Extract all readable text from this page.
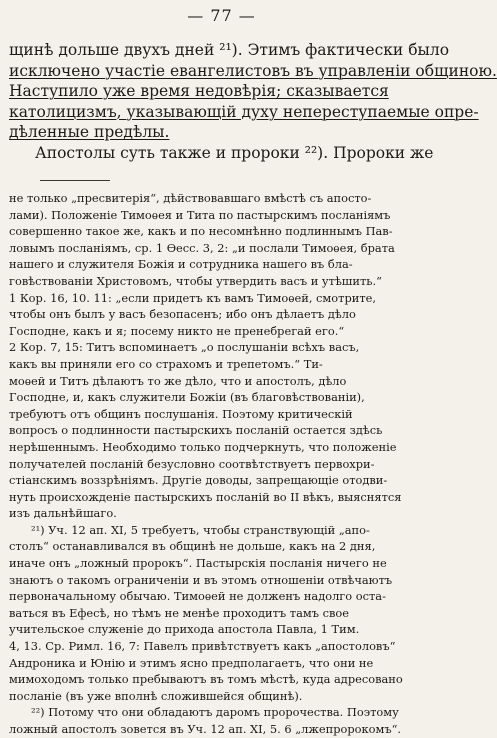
— 77 —
щинѣ дольше двухъ дней ²¹). Этимъ фактически было
исключено участiе евангелистовъ въ управленiи общиною.
Наступило уже время недовѣрiя; сказывается
католицизмъ, указывающiй духу непереступаемые опре-
дѣленные предѣлы.
Апостолы суть также и пророки ²²). Пророки же
не только „пресвитерія“, дѣйствовавшаго вмѣстѣ съ апосто-
лами). Положенiе Тимоѳея и Тита по пастырскимъ посланiямъ
совершенно такое же, какъ и по несомнѣнно подлиннымъ Пав-
ловымъ посланiямъ, ср. 1 Ѳесс. 3, 2: „и послали Тимоѳея, брата
нашего и служителя Божiя и сотрудника нашего въ бла-
говѣствованiи Христовомъ, чтобы утвердить васъ и утѣшить.“
1 Кор. 16, 10. 11: „если придетъ къ вамъ Тимоѳей, смотрите,
чтобы онъ былъ у васъ безопасенъ; ибо онъ дѣлаетъ дѣло
Господне, какъ и я; посему никто не пренебрегай его.“
2 Кор. 7, 15: Титъ вспоминаетъ „о послушанiи всѣхъ васъ,
какъ вы приняли его со страхомъ и трепетомъ.“ Ти-
моѳей и Титъ дѣлаютъ то же дѣло, что и апостолъ, дѣло
Господне, и, какъ служители Божiи (въ благовѣствованiи),
требуютъ отъ общинъ послушанiя. Поэтому критическiй
вопросъ о подлинности пастырскихъ посланiй остается здѣсь
нерѣшеннымъ. Необходимо только подчеркнуть, что положенiе
получателей посланiй безусловно соотвѣтствуетъ первохри-
стiанскимъ воззрѣнiямъ. Другiе доводы, запрещающiе отодви-
нуть происхожденiе пастырскихъ посланiй во II вѣкъ, выяснятся
изъ дальнѣйшаго.
²¹) Уч. 12 ап. XI, 5 требуетъ, чтобы странствующiй „апо-
столъ“ останавливался въ общинѣ не дольше, какъ на 2 дня,
иначе онъ „ложный пророкъ“. Пастырскiя посланiя ничего не
знаютъ о такомъ ограниченiи и въ этомъ отношенiи отвѣчаютъ
первоначальному обычаю. Тимоѳей не долженъ надолго оста-
ваться въ Ефесѣ, но тѣмъ не менѣе проходитъ тамъ свое
учительское служенiе до прихода апостола Павла, 1 Тим.
4, 13. Ср. Римл. 16, 7: Павелъ привѣтствуетъ какъ „апостоловъ“
Андроника и Юнiю и этимъ ясно предполагаетъ, что они не
мимоходомъ только пребываютъ въ томъ мѣстѣ, куда адресовано
посланiе (въ уже вполнѣ сложившейся общинѣ).
²²) Потому что они обладаютъ даромъ пророчества. Поэтому
ложный апостолъ зовется въ Уч. 12 ап. XI, 5. 6 „лжепророкомъ“.
